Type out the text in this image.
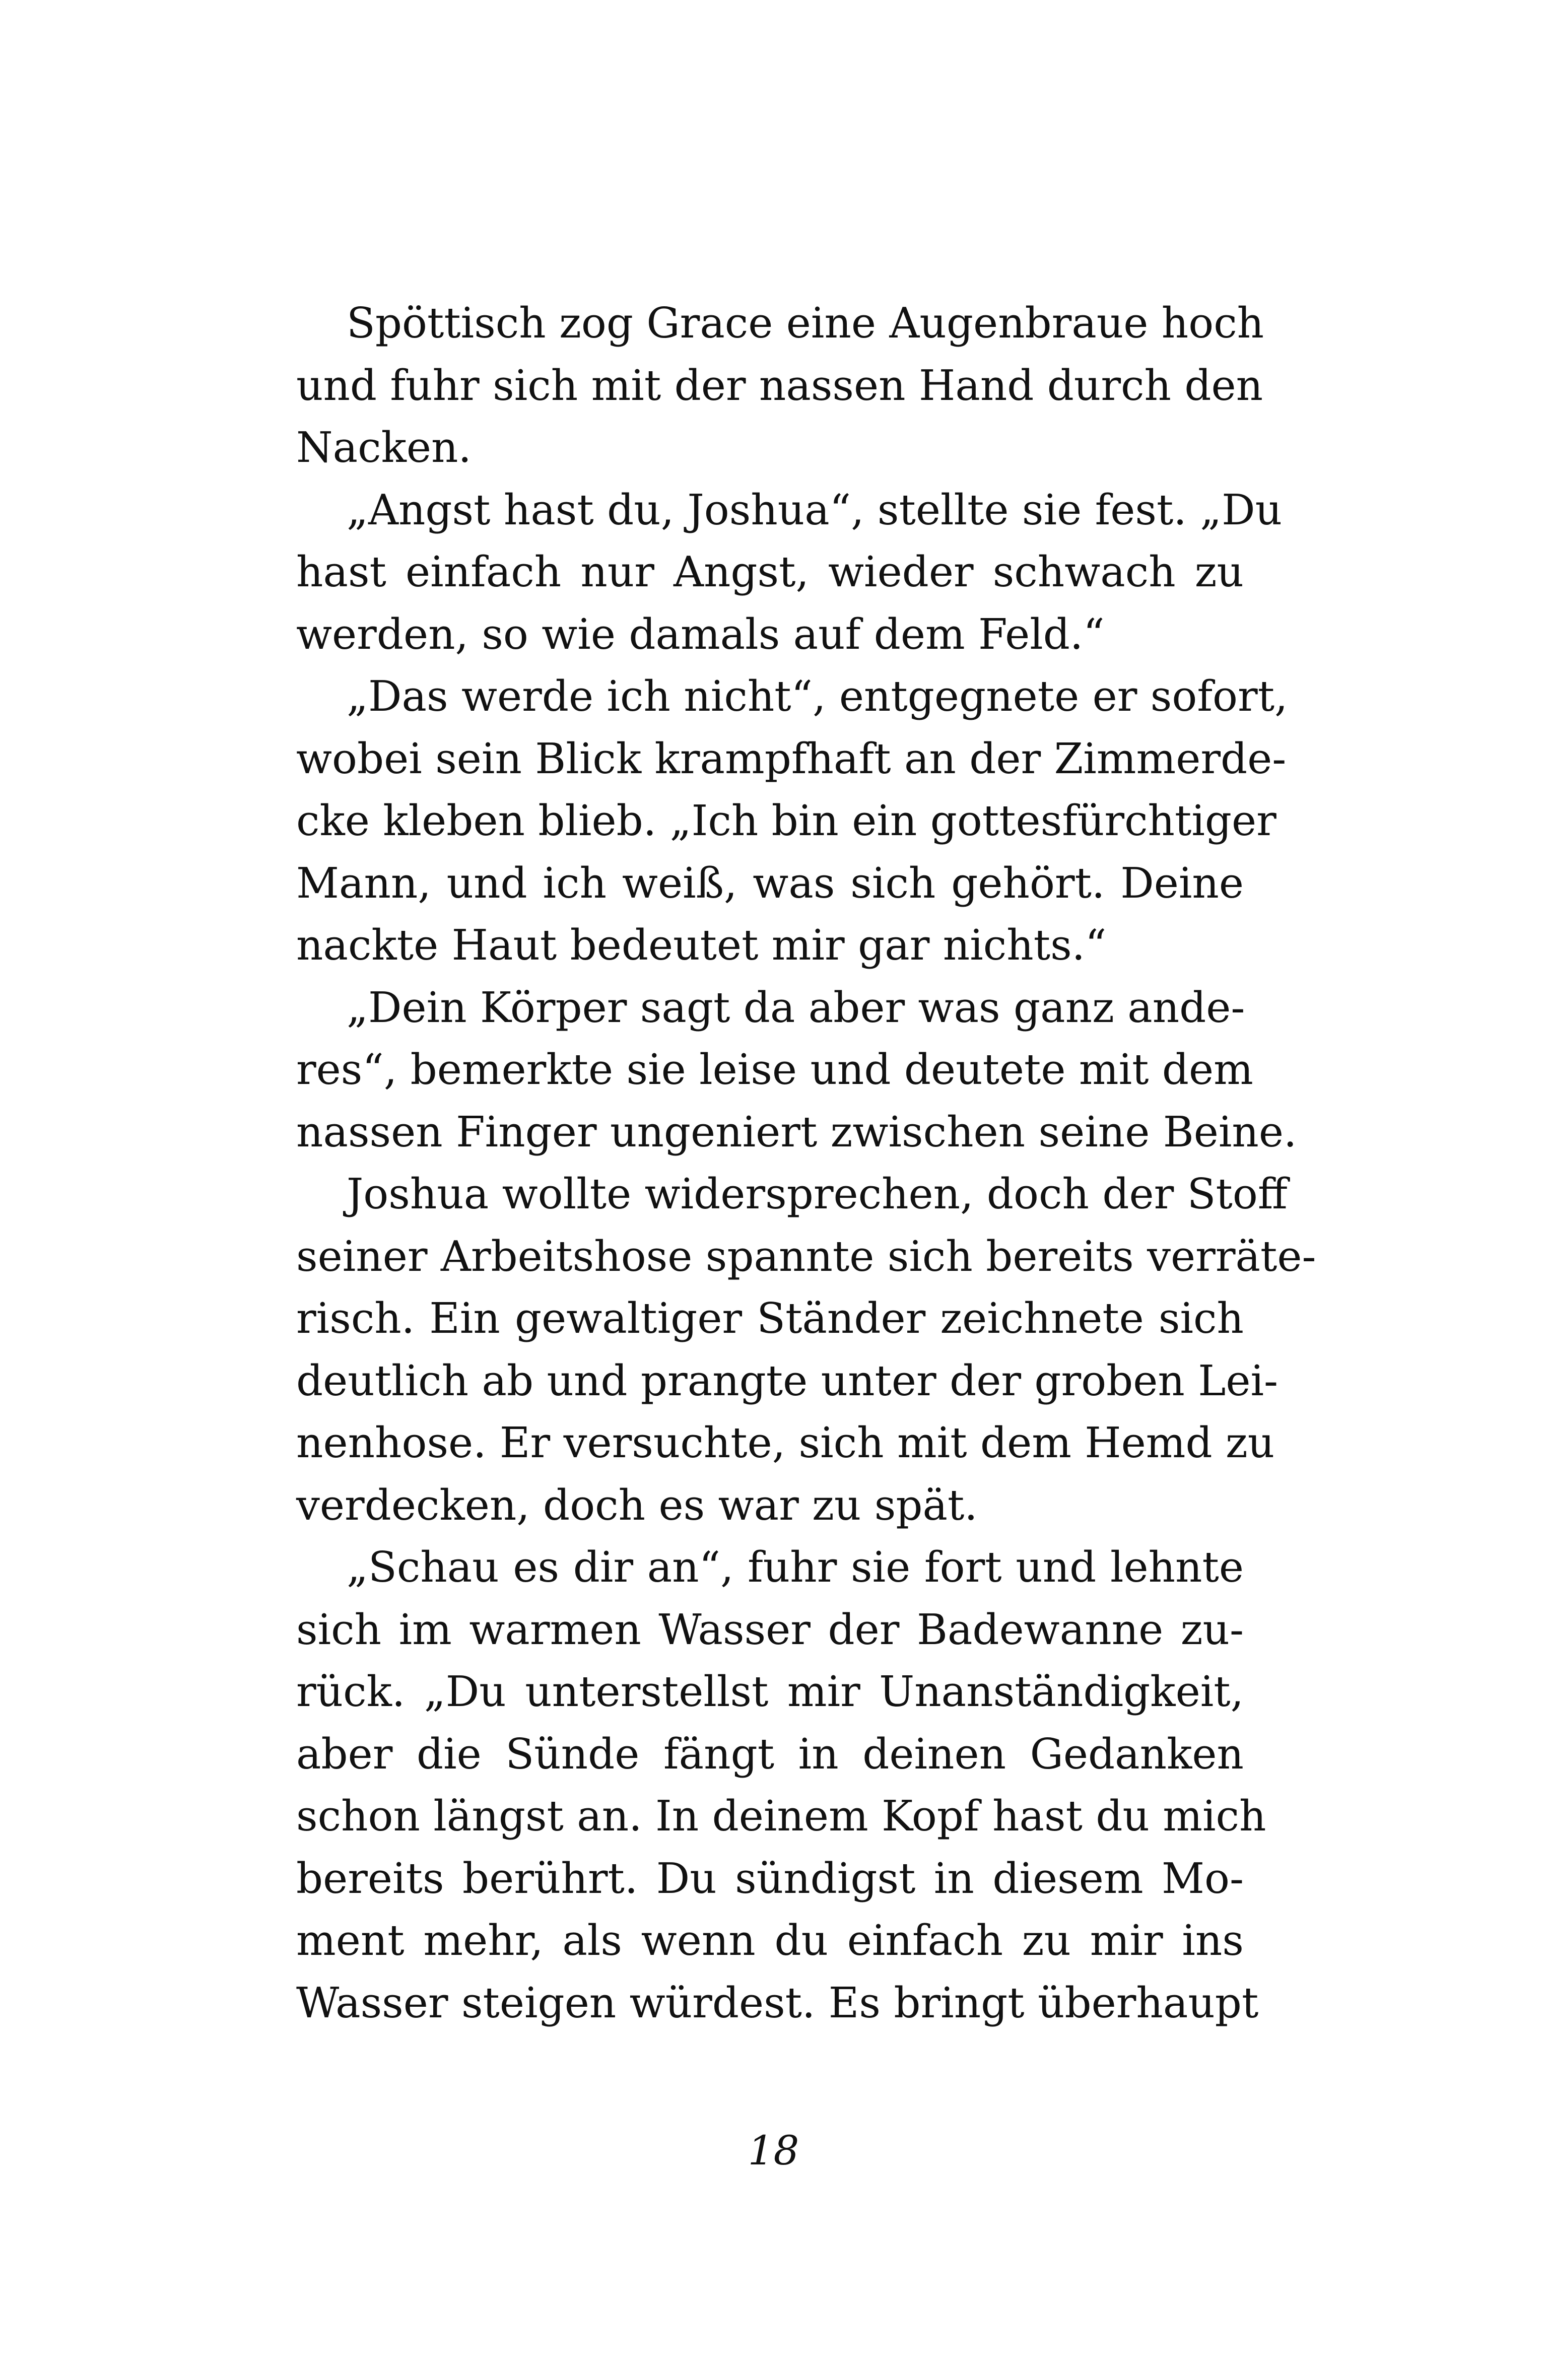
Spöttisch zog Grace eine Augenbraue hoch
und fuhr sich mit der nassen Hand durch den
Nacken.
„Angst hast du, Joshua“, stellte sie fest. „Du
hast einfach nur Angst, wieder schwach zu
werden, so wie damals auf dem Feld.“
„Das werde ich nicht“, entgegnete er sofort,
wobei sein Blick krampfhaft an der Zimmerde-
cke kleben blieb. „Ich bin ein gottesfürchtiger
Mann, und ich weiß, was sich gehört. Deine
nackte Haut bedeutet mir gar nichts.“
„Dein Körper sagt da aber was ganz ande-
res“, bemerkte sie leise und deutete mit dem
nassen Finger ungeniert zwischen seine Beine.
Joshua wollte widersprechen, doch der Stoff
seiner Arbeitshose spannte sich bereits verräte-
risch. Ein gewaltiger Ständer zeichnete sich
deutlich ab und prangte unter der groben Lei-
nenhose. Er versuchte, sich mit dem Hemd zu
verdecken, doch es war zu spät.
„Schau es dir an“, fuhr sie fort und lehnte
sich im warmen Wasser der Badewanne zu-
rück. „Du unterstellst mir Unanständigkeit,
aber die Sünde fängt in deinen Gedanken
schon längst an. In deinem Kopf hast du mich
bereits berührt. Du sündigst in diesem Mo-
ment mehr, als wenn du einfach zu mir ins
Wasser steigen würdest. Es bringt überhaupt
18
